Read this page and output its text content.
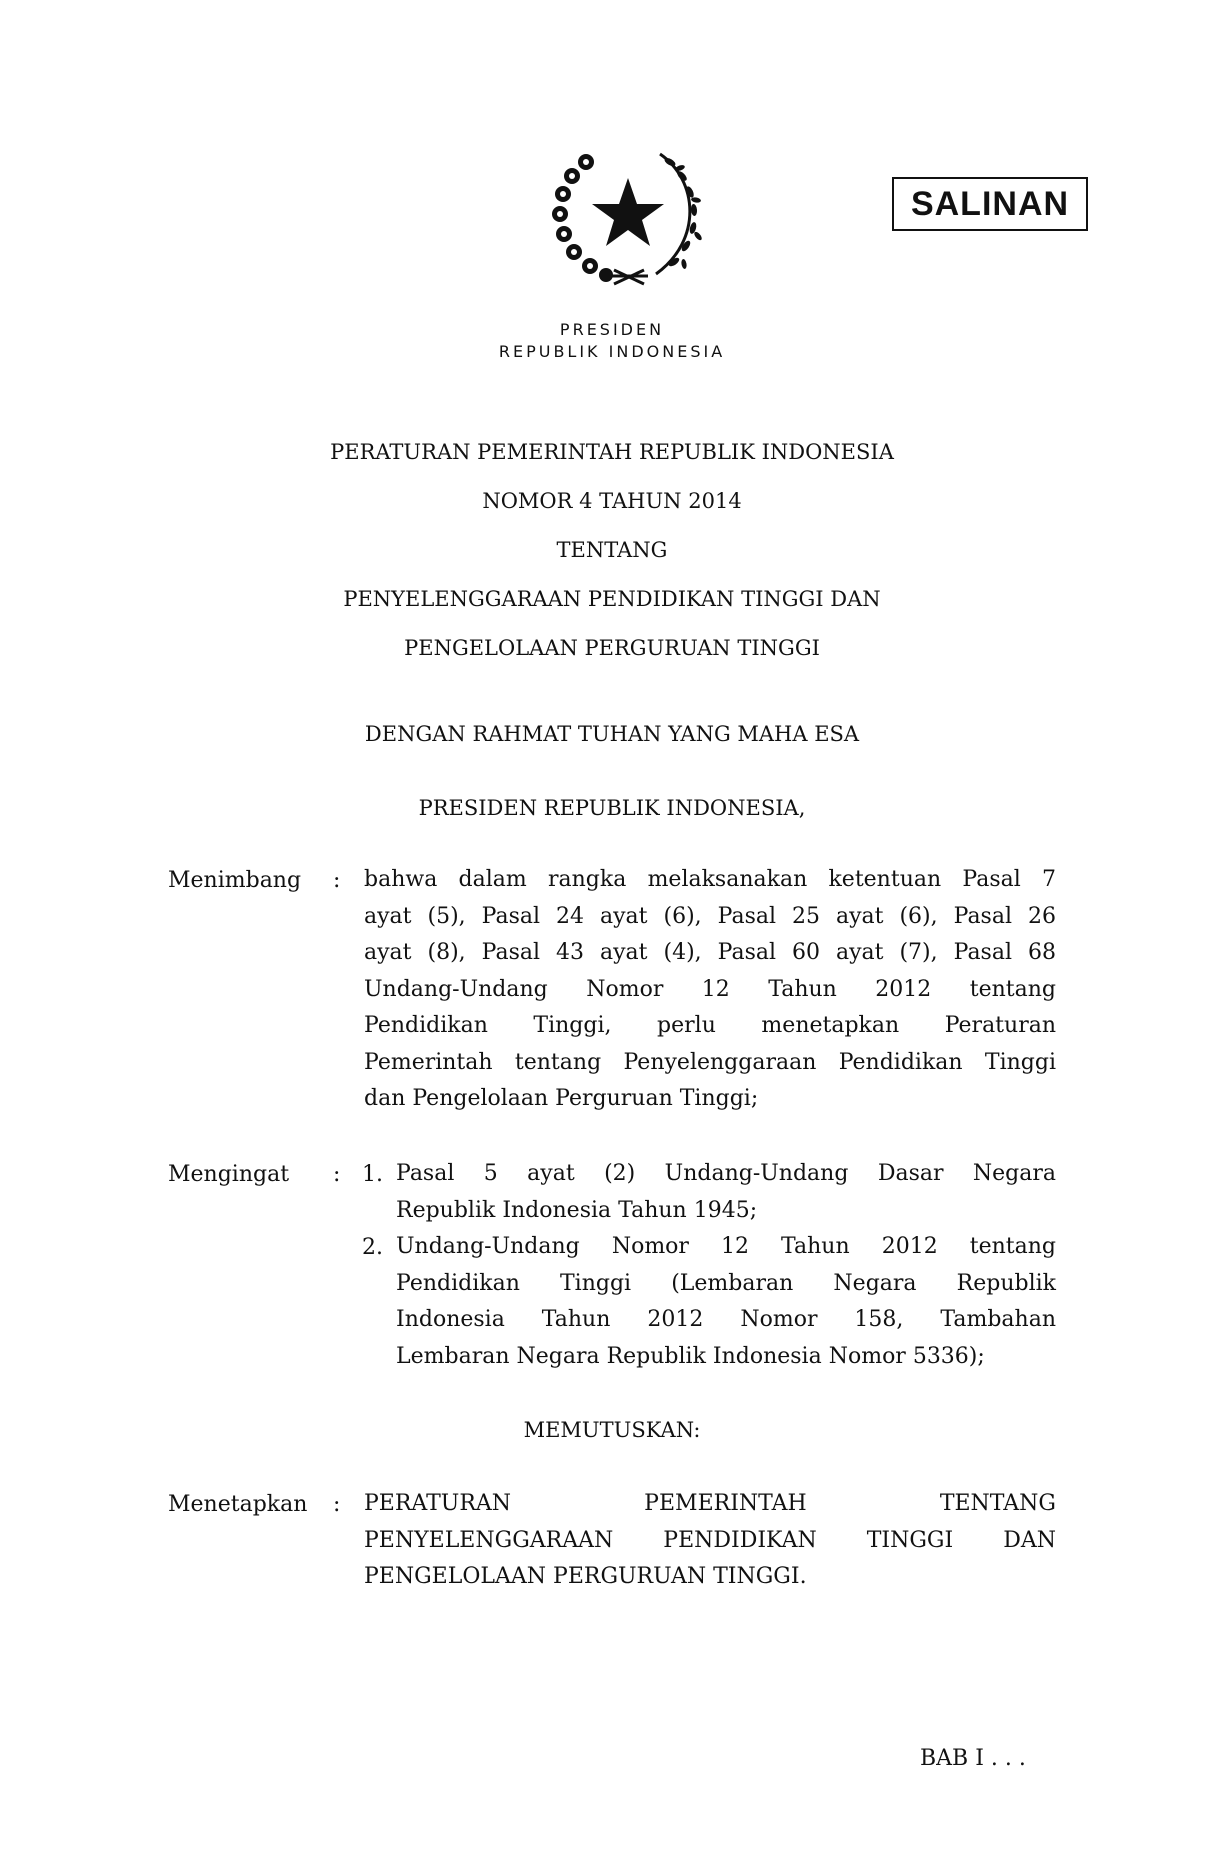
SALINAN
PRESIDEN
REPUBLIK INDONESIA
PERATURAN PEMERINTAH REPUBLIK INDONESIA
NOMOR 4 TAHUN 2014
TENTANG
PENYELENGGARAAN PENDIDIKAN TINGGI DAN
PENGELOLAAN PERGURUAN TINGGI
DENGAN RAHMAT TUHAN YANG MAHA ESA
PRESIDEN REPUBLIK INDONESIA,
Menimbang : bahwa dalam rangka melaksanakan ketentuan Pasal 7
ayat (5), Pasal 24 ayat (6), Pasal 25 ayat (6), Pasal 26
ayat (8), Pasal 43 ayat (4), Pasal 60 ayat (7), Pasal 68
Undang-Undang Nomor 12 Tahun 2012 tentang
Pendidikan Tinggi, perlu menetapkan Peraturan
Pemerintah tentang Penyelenggaraan Pendidikan Tinggi
dan Pengelolaan Perguruan Tinggi;
Mengingat : 1. Pasal 5 ayat (2) Undang-Undang Dasar Negara
Republik Indonesia Tahun 1945;
2. Undang-Undang Nomor 12 Tahun 2012 tentang
Pendidikan Tinggi (Lembaran Negara Republik
Indonesia Tahun 2012 Nomor 158, Tambahan
Lembaran Negara Republik Indonesia Nomor 5336);
MEMUTUSKAN:
Menetapkan : PERATURAN PEMERINTAH TENTANG
PENYELENGGARAAN PENDIDIKAN TINGGI DAN
PENGELOLAAN PERGURUAN TINGGI.
BAB I . . .
